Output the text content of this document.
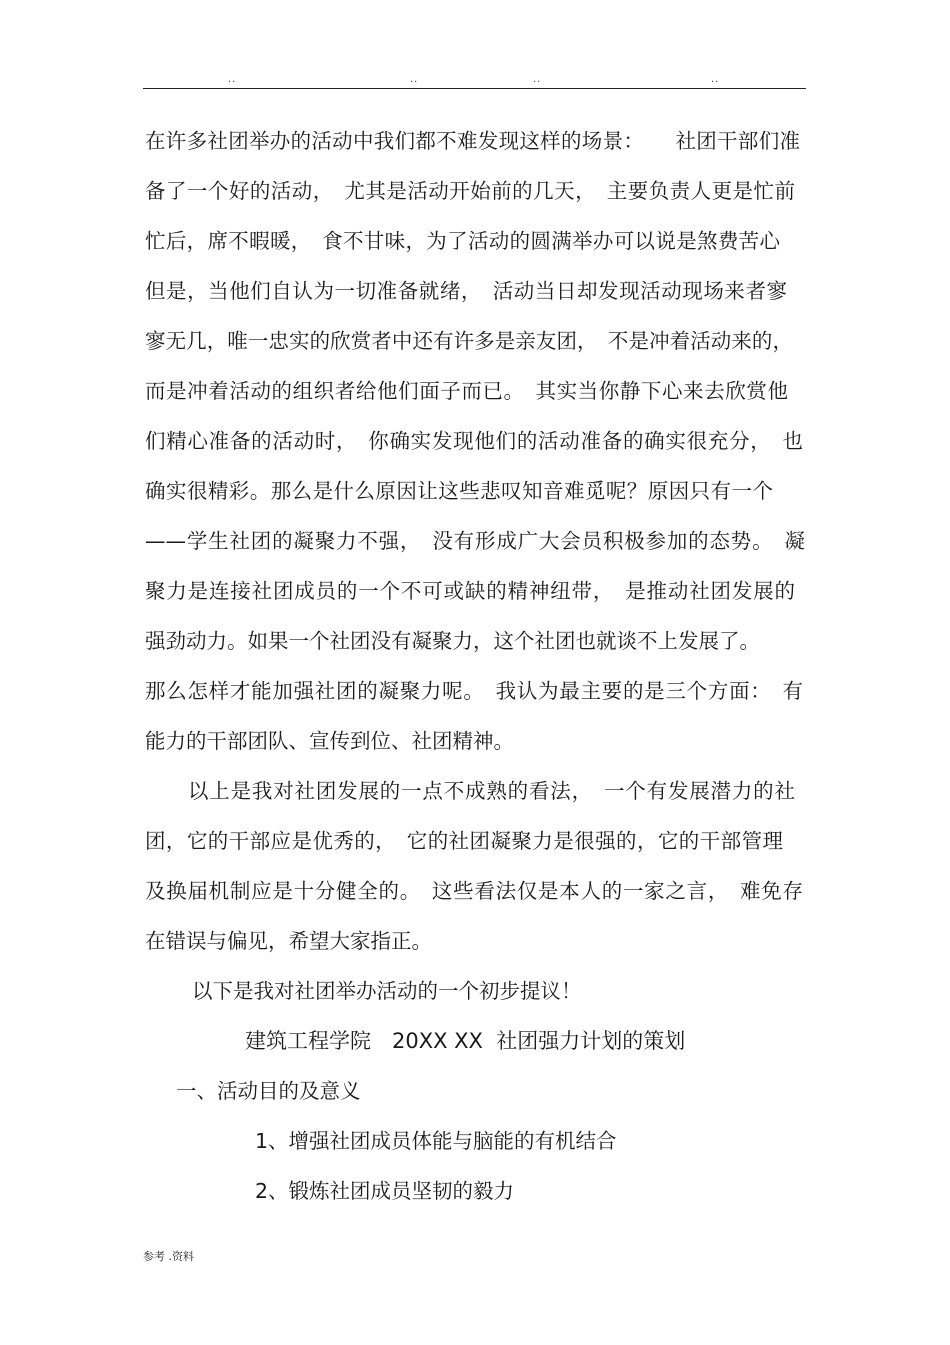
..	..	..	..
在许多社团举办的活动中我们都不难发现这样的场景：　　社团干部们准
备了一个好的活动，　尤其是活动开始前的几天，　主要负责人更是忙前
忙后，席不暇暖，　食不甘味，为了活动的圆满举办可以说是煞费苦心
但是，当他们自认为一切准备就绪，　活动当日却发现活动现场来者寥
寥无几，唯一忠实的欣赏者中还有许多是亲友团，　不是冲着活动来的，
而是冲着活动的组织者给他们面子而已。　其实当你静下心来去欣赏他
们精心准备的活动时，　你确实发现他们的活动准备的确实很充分，　也
确实很精彩。那么是什么原因让这些悲叹知音难觅呢？原因只有一个
——学生社团的凝聚力不强，　没有形成广大会员积极参加的态势。　凝
聚力是连接社团成员的一个不可或缺的精神纽带，　是推动社团发展的
强劲动力。如果一个社团没有凝聚力，这个社团也就谈不上发展了。
那么怎样才能加强社团的凝聚力呢。　我认为最主要的是三个方面：　有
能力的干部团队、宣传到位、社团精神。
以上是我对社团发展的一点不成熟的看法，　一个有发展潜力的社
团，它的干部应是优秀的，　它的社团凝聚力是很强的，它的干部管理
及换届机制应是十分健全的。　这些看法仅是本人的一家之言，　难免存
在错误与偏见，希望大家指正。
以下是我对社团举办活动的一个初步提议！
建筑工程学院　20XX XX  社团强力计划的策划
一、活动目的及意义
1、增强社团成员体能与脑能的有机结合
2、锻炼社团成员坚韧的毅力
参考 .资料
